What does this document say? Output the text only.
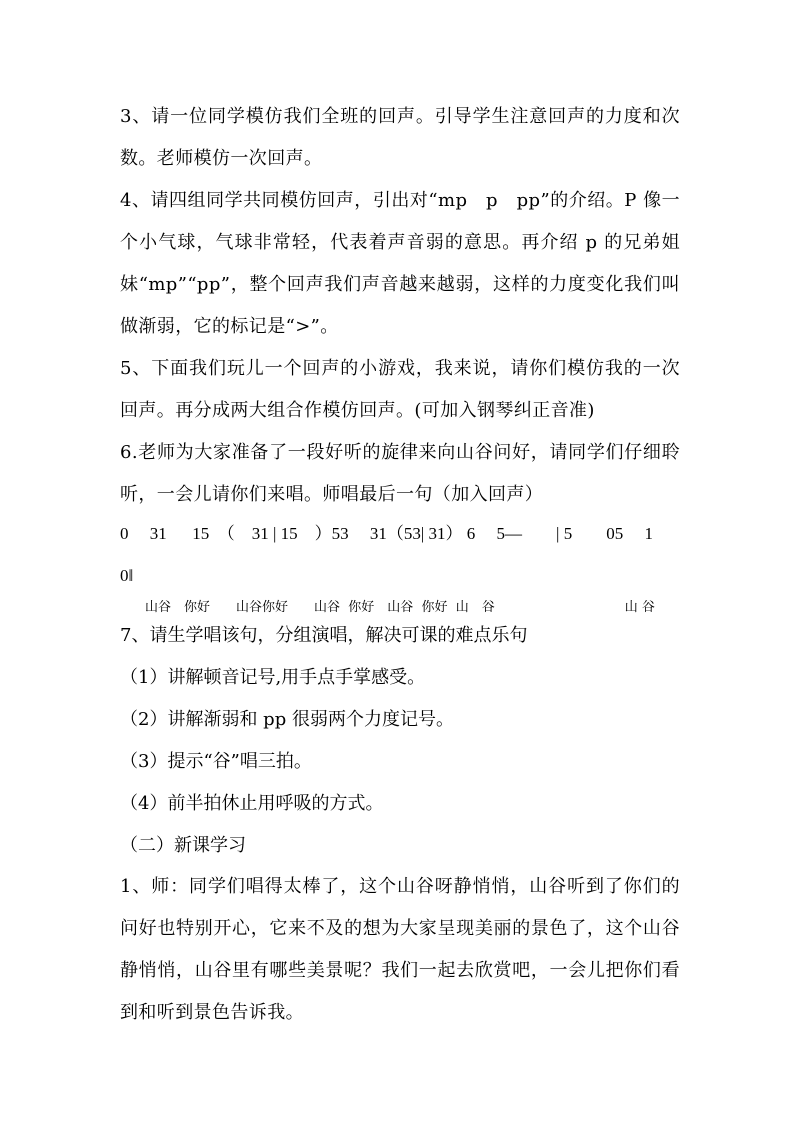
3、请一位同学模仿我们全班的回声。引导学生注意回声的力度和次数。老师模仿一次回声。

4、请四组同学共同模仿回声，引出对“mp　p　pp”的介绍。P 像一个小气球，气球非常轻，代表着声音弱的意思。再介绍 p 的兄弟姐妹“mp”“pp”，整个回声我们声音越来越弱，这样的力度变化我们叫做渐弱，它的标记是“>”。

5、下面我们玩儿一个回声的小游戏，我来说，请你们模仿我的一次回声。再分成两大组合作模仿回声。(可加入钢琴纠正音准)

6.老师为大家准备了一段好听的旋律来向山谷问好，请同学们仔细聆听，一会儿请你们来唱。师唱最后一句（加入回声）

0　 31　  15　（　31 | 15　）53　 31（53| 31） 6　 5—　　| 5　　05　 1

0‖

山谷　你好　　山谷你好　　山谷  你好　山谷  你好  山　谷　　　　　　　　　　山 谷

7、请生学唱该句，分组演唱，解决可课的难点乐句

（1）讲解顿音记号,用手点手掌感受。

（2）讲解渐弱和 pp 很弱两个力度记号。

（3）提示“谷”唱三拍。

（4）前半拍休止用呼吸的方式。

（二）新课学习

1、师：同学们唱得太棒了，这个山谷呀静悄悄，山谷听到了你们的问好也特别开心，它来不及的想为大家呈现美丽的景色了，这个山谷静悄悄，山谷里有哪些美景呢？我们一起去欣赏吧，一会儿把你们看到和听到景色告诉我。
